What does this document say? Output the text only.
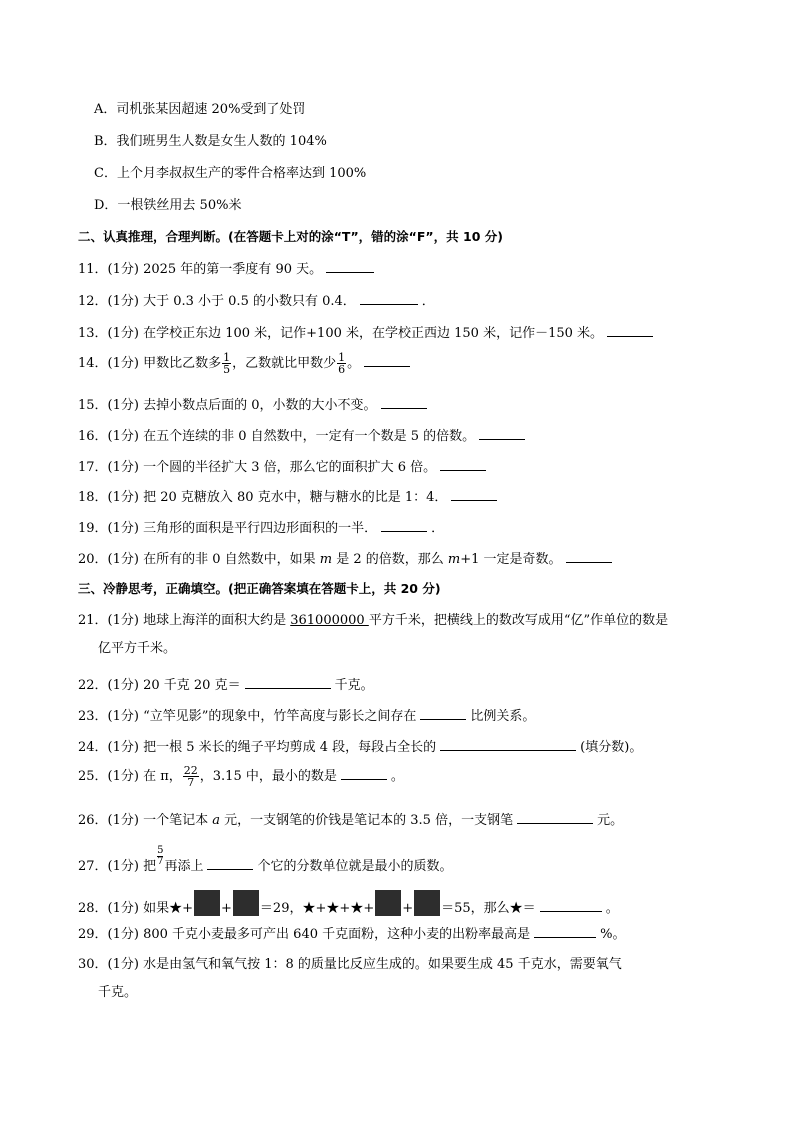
A．司机张某因超速 20%受到了处罚
B．我们班男生人数是女生人数的 104%
C．上个月李叔叔生产的零件合格率达到 100%
D．一根铁丝用去 50%米
二、认真推理，合理判断。(在答题卡上对的涂“T”，错的涂“F”，共 10 分)
11．(1分) 2025 年的第一季度有 90 天。
12．(1分) 大于 0.3 小于 0.5 的小数只有 0.4．	．
13．(1分) 在学校正东边 100 米，记作+100 米，在学校正西边 150 米，记作－150 米。
14．(1分) 甲数比乙数多 $\frac{1}{5}$ ，乙数就比甲数少 $\frac{1}{6}$ 。
15．(1分) 去掉小数点后面的 0，小数的大小不变。
16．(1分) 在五个连续的非 0 自然数中，一定有一个数是 5 的倍数。
17．(1分) 一个圆的半径扩大 3 倍，那么它的面积扩大 6 倍。
18．(1分) 把 20 克糖放入 80 克水中，糖与糖水的比是 1：4．
19．(1分) 三角形的面积是平行四边形面积的一半．	．
20．(1分) 在所有的非 0 自然数中，如果 m 是 2 的倍数，那么 m+1 一定是奇数。
三、冷静思考，正确填空。(把正确答案填在答题卡上，共 20 分)
21．(1分) 地球上海洋的面积大约是 361000000 平方千米，把横线上的数改写成用“亿”作单位的数是
亿平方千米。
22．(1分) 20 千克 20 克＝	千克。
23．(1分) “立竿见影”的现象中，竹竿高度与影长之间存在	比例关系。
24．(1分) 把一根 5 米长的绳子平均剪成 4 段，每段占全长的	(填分数)。
25．(1分) 在 π， $\frac{22}{7}$ ，3.15 中，最小的数是	。
26．(1分) 一个笔记本 a 元，一支钢笔的价钱是笔记本的 3.5 倍，一支钢笔	元。
27．(1分) 把 $\frac{5}{7}$ 再添上	个它的分数单位就是最小的质数。
28．(1分) 如果★+ + ＝29，★+★+★+ + ＝55，那么★＝	。
29．(1分) 800 千克小麦最多可产出 640 千克面粉，这种小麦的出粉率最高是	%。
30．(1分) 水是由氢气和氧气按 1：8 的质量比反应生成的。如果要生成 45 千克水，需要氧气
千克。
